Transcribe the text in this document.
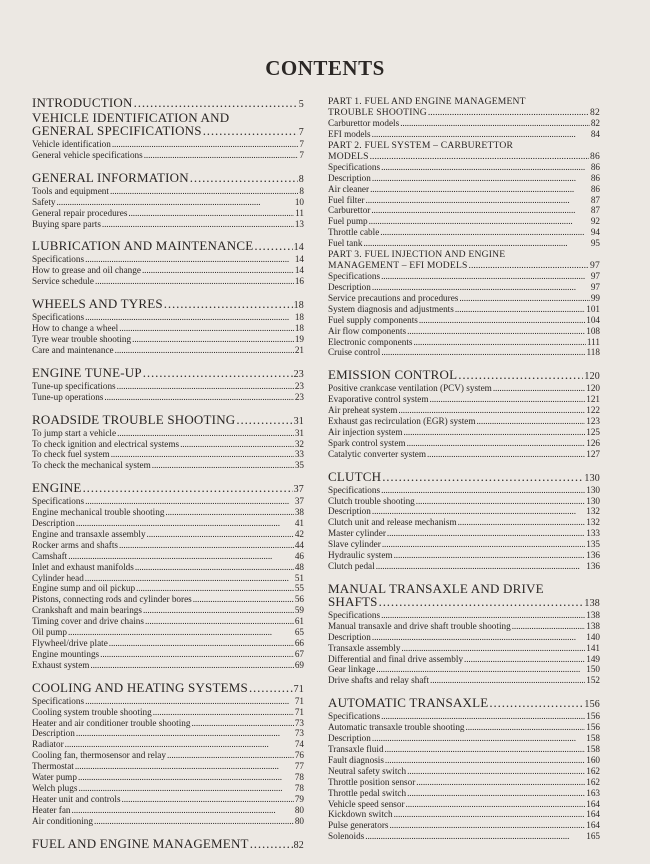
CONTENTS
INTRODUCTION . . .	5
VEHICLE IDENTIFICATION AND
GENERAL SPECIFICATIONS . . .	7
Vehicle identification . . .	7
General vehicle specifications . . .	7
GENERAL INFORMATION . . .	8
Tools and equipment . . .	8
Safety . . .	10
General repair procedures . . .	11
Buying spare parts . . .	13
LUBRICATION AND MAINTENANCE . . .	14
Specifications . . .	14
How to grease and oil change . . .	14
Service schedule . . .	16
WHEELS AND TYRES . . .	18
Specifications . . .	18
How to change a wheel . . .	18
Tyre wear trouble shooting . . .	19
Care and maintenance . . .	21
ENGINE TUNE-UP . . .	23
Tune-up specifications . . .	23
Tune-up operations . . .	23
ROADSIDE TROUBLE SHOOTING . . .	31
To jump start a vehicle . . .	31
To check ignition and electrical systems . . .	32
To check fuel system . . .	33
To check the mechanical system . . .	35
ENGINE . . .	37
Specifications . . .	37
Engine mechanical trouble shooting . . .	38
Description . . .	41
Engine and transaxle assembly . . .	42
Rocker arms and shafts . . .	44
Camshaft . . .	46
Inlet and exhaust manifolds . . .	48
Cylinder head . . .	51
Engine sump and oil pickup . . .	55
Pistons, connecting rods and cylinder bores . . .	56
Crankshaft and main bearings . . .	59
Timing cover and drive chains . . .	61
Oil pump . . .	65
Flywheel/drive plate . . .	66
Engine mountings . . .	67
Exhaust system . . .	69
COOLING AND HEATING SYSTEMS . . .	71
Specifications . . .	71
Cooling system trouble shooting . . .	71
Heater and air conditioner trouble shooting . . .	73
Description . . .	73
Radiator . . .	74
Cooling fan, thermosensor and relay . . .	76
Thermostat . . .	77
Water pump . . .	78
Welch plugs . . .	78
Heater unit and controls . . .	79
Heater fan . . .	80
Air conditioning . . .	80
FUEL AND ENGINE MANAGEMENT . . .	82
PART 1. FUEL AND ENGINE MANAGEMENT
TROUBLE SHOOTING . . .	82
Carburettor models . . .	82
EFI models . . .	84
PART 2. FUEL SYSTEM – CARBURETTOR
MODELS . . .	86
Specifications . . .	86
Description . . .	86
Air cleaner . . .	86
Fuel filter . . .	87
Carburettor . . .	87
Fuel pump . . .	92
Throttle cable . . .	94
Fuel tank . . .	95
PART 3. FUEL INJECTION AND ENGINE
MANAGEMENT – EFI MODELS . . .	97
Specifications . . .	97
Description . . .	97
Service precautions and procedures . . .	99
System diagnosis and adjustments . . .	101
Fuel supply components . . .	104
Air flow components . . .	108
Electronic components . . .	111
Cruise control . . .	118
EMISSION CONTROL . . .	120
Positive crankcase ventilation (PCV) system . . .	120
Evaporative control system . . .	121
Air preheat system . . .	122
Exhaust gas recirculation (EGR) system . . .	123
Air injection system . . .	125
Spark control system . . .	126
Catalytic converter system . . .	127
CLUTCH . . .	130
Specifications . . .	130
Clutch trouble shooting . . .	130
Description . . .	132
Clutch unit and release mechanism . . .	132
Master cylinder . . .	133
Slave cylinder . . .	135
Hydraulic system . . .	136
Clutch pedal . . .	136
MANUAL TRANSAXLE AND DRIVE
SHAFTS . . .	138
Specifications . . .	138
Manual transaxle and drive shaft trouble shooting . . .	138
Description . . .	140
Transaxle assembly . . .	141
Differential and final drive assembly . . .	149
Gear linkage . . .	150
Drive shafts and relay shaft . . .	152
AUTOMATIC TRANSAXLE . . .	156
Specifications . . .	156
Automatic transaxle trouble shooting . . .	156
Description . . .	158
Transaxle fluid . . .	158
Fault diagnosis . . .	160
Neutral safety switch . . .	162
Throttle position sensor . . .	162
Throttle pedal switch . . .	163
Vehicle speed sensor . . .	164
Kickdown switch . . .	164
Pulse generators . . .	164
Solenoids . . .	165
